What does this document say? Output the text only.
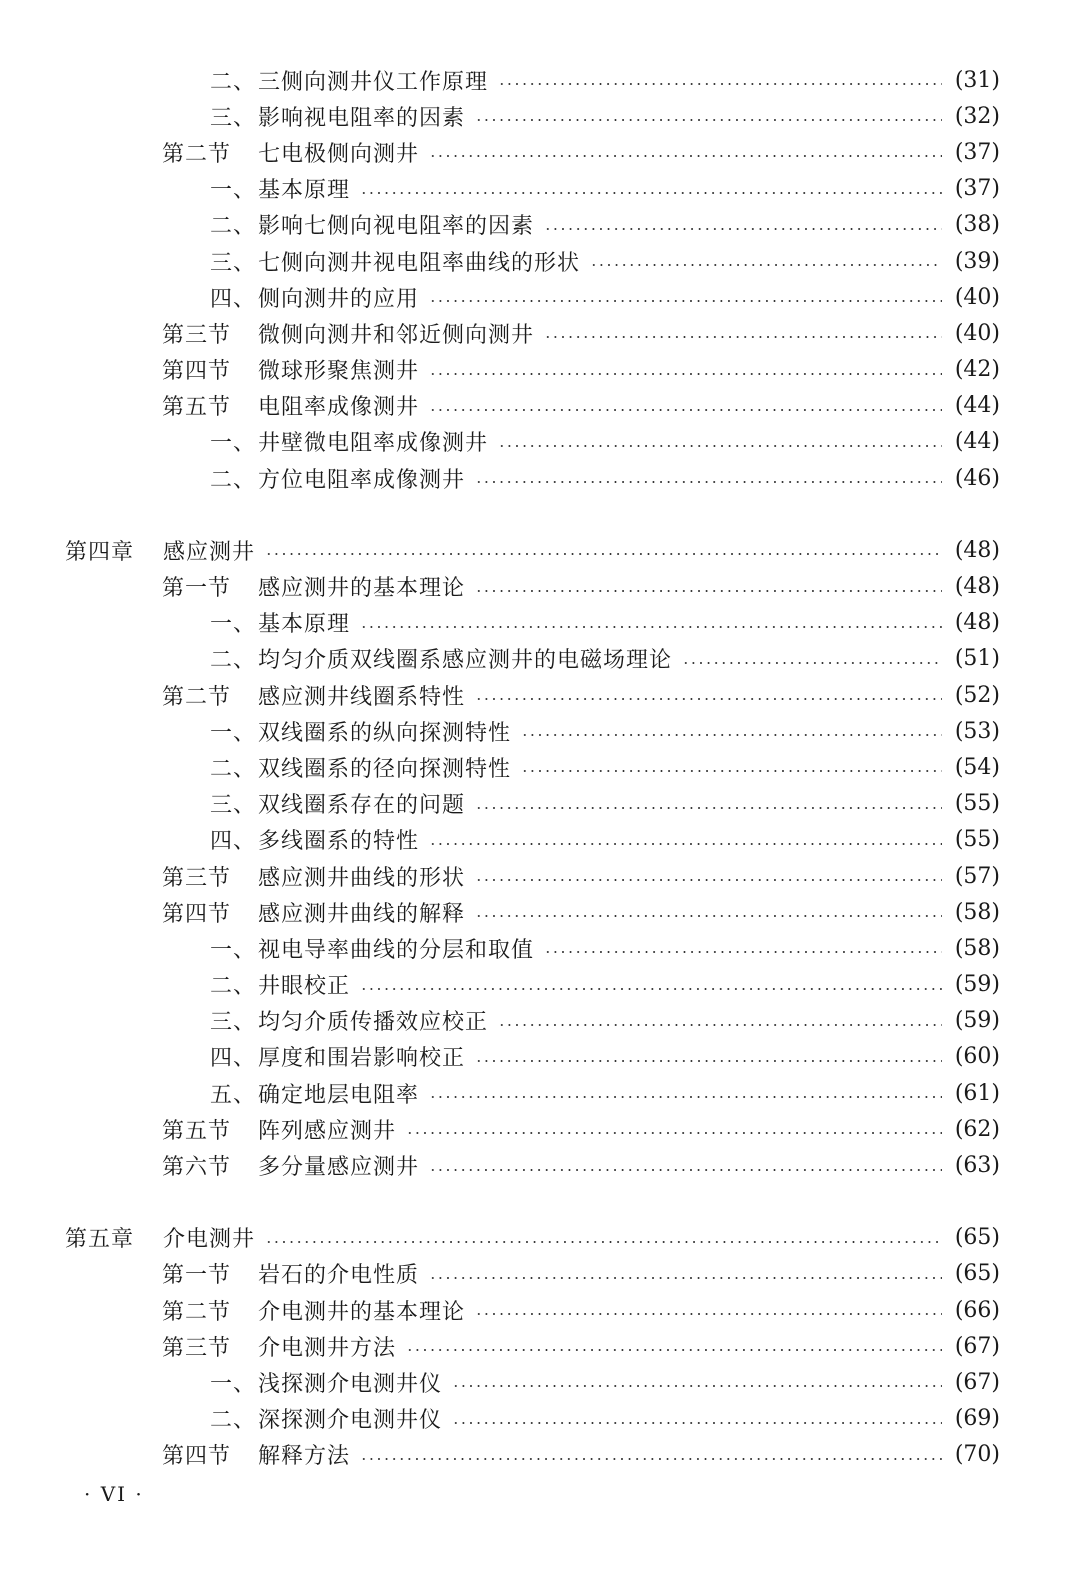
二、 三侧向测井仪工作原理	(31)
三、 影响视电阻率的因素	(32)
第二节	七电极侧向测井	(37)
一、 基本原理	(37)
二、 影响七侧向视电阻率的因素	(38)
三、 七侧向测井视电阻率曲线的形状	(39)
四、 侧向测井的应用	(40)
第三节	微侧向测井和邻近侧向测井	(40)
第四节	微球形聚焦测井	(42)
第五节	电阻率成像测井	(44)
一、 井壁微电阻率成像测井	(44)
二、 方位电阻率成像测井	(46)
第四章	感应测井	(48)
第一节	感应测井的基本理论	(48)
一、 基本原理	(48)
二、 均匀介质双线圈系感应测井的电磁场理论	(51)
第二节	感应测井线圈系特性	(52)
一、 双线圈系的纵向探测特性	(53)
二、 双线圈系的径向探测特性	(54)
三、 双线圈系存在的问题	(55)
四、 多线圈系的特性	(55)
第三节	感应测井曲线的形状	(57)
第四节	感应测井曲线的解释	(58)
一、 视电导率曲线的分层和取值	(58)
二、 井眼校正	(59)
三、 均匀介质传播效应校正	(59)
四、 厚度和围岩影响校正	(60)
五、 确定地层电阻率	(61)
第五节	阵列感应测井	(62)
第六节	多分量感应测井	(63)
第五章	介电测井	(65)
第一节	岩石的介电性质	(65)
第二节	介电测井的基本理论	(66)
第三节	介电测井方法	(67)
一、 浅探测介电测井仪	(67)
二、 深探测介电测井仪	(69)
第四节	解释方法	(70)
· VI ·
